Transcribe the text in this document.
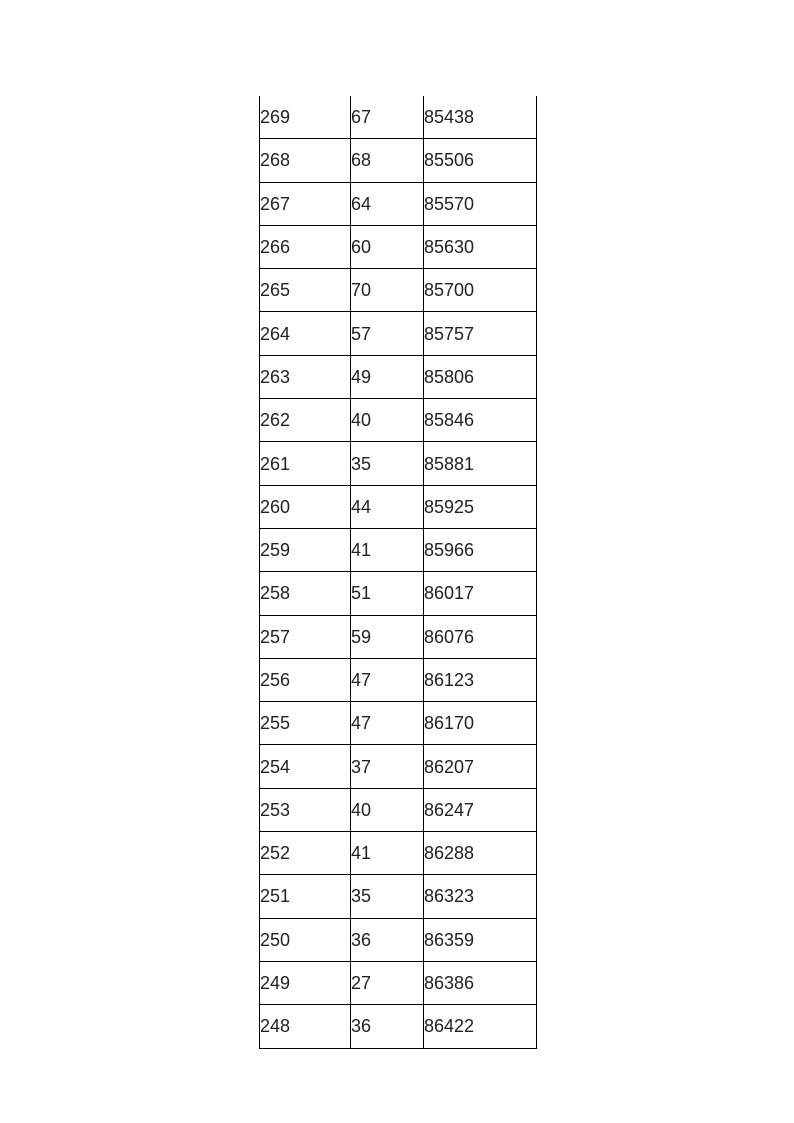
269	67	85438
268	68	85506
267	64	85570
266	60	85630
265	70	85700
264	57	85757
263	49	85806
262	40	85846
261	35	85881
260	44	85925
259	41	85966
258	51	86017
257	59	86076
256	47	86123
255	47	86170
254	37	86207
253	40	86247
252	41	86288
251	35	86323
250	36	86359
249	27	86386
248	36	86422
